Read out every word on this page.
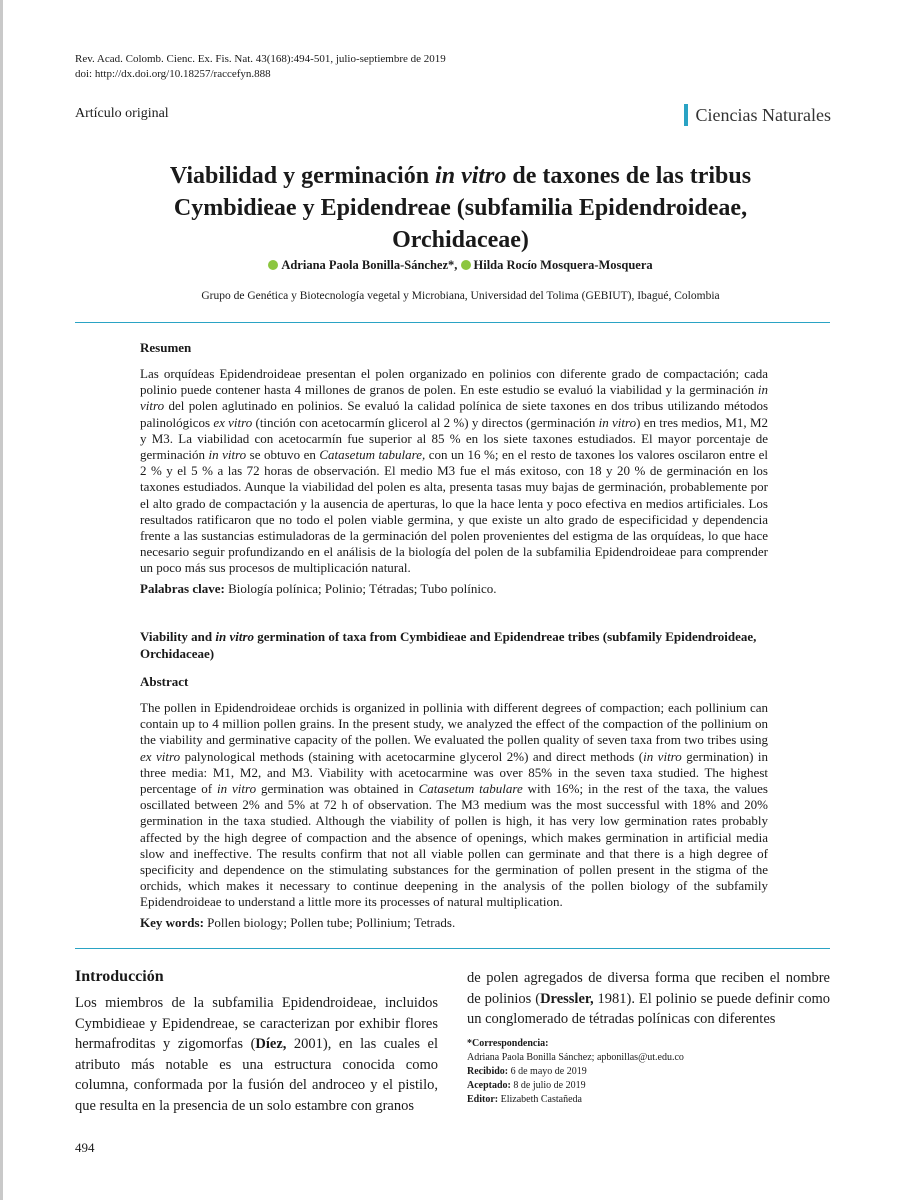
Rev. Acad. Colomb. Cienc. Ex. Fis. Nat. 43(168):494-501, julio-septiembre de 2019
doi: http://dx.doi.org/10.18257/raccefyn.888
Artículo original	Ciencias Naturales
Viabilidad y germinación in vitro de taxones de las tribus Cymbidieae y Epidendreae (subfamilia Epidendroideae, Orchidaceae)
Adriana Paola Bonilla-Sánchez*, Hilda Rocío Mosquera-Mosquera
Grupo de Genética y Biotecnología vegetal y Microbiana, Universidad del Tolima (GEBIUT), Ibagué, Colombia
Resumen
Las orquídeas Epidendroideae presentan el polen organizado en polinios con diferente grado de compactación; cada polinio puede contener hasta 4 millones de granos de polen. En este estudio se evaluó la viabilidad y la germinación in vitro del polen aglutinado en polinios. Se evaluó la calidad polínica de siete taxones en dos tribus utilizando métodos palinológicos ex vitro (tinción con acetocarmín glicerol al 2 %) y directos (germinación in vitro) en tres medios, M1, M2 y M3. La viabilidad con acetocarmín fue superior al 85 % en los siete taxones estudiados. El mayor porcentaje de germinación in vitro se obtuvo en Catasetum tabulare, con un 16 %; en el resto de taxones los valores oscilaron entre el 2 % y el 5 % a las 72 horas de observación. El medio M3 fue el más exitoso, con 18 y 20 % de germinación en los taxones estudiados. Aunque la viabilidad del polen es alta, presenta tasas muy bajas de germinación, probablemente por el alto grado de compactación y la ausencia de aperturas, lo que la hace lenta y poco efectiva en medios artificiales. Los resultados ratificaron que no todo el polen viable germina, y que existe un alto grado de especificidad y dependencia frente a las sustancias estimuladoras de la germinación del polen provenientes del estigma de las orquídeas, lo que hace necesario seguir profundizando en el análisis de la biología del polen de la subfamilia Epidendroideae para comprender un poco más sus procesos de multiplicación natural.
Palabras clave: Biología polínica; Polinio; Tétradas; Tubo polínico.
Viability and in vitro germination of taxa from Cymbidieae and Epidendreae tribes (subfamily Epidendroideae, Orchidaceae)
Abstract
The pollen in Epidendroideae orchids is organized in pollinia with different degrees of compaction; each pollinium can contain up to 4 million pollen grains. In the present study, we analyzed the effect of the compaction of the pollinium on the viability and germinative capacity of the pollen. We evaluated the pollen quality of seven taxa from two tribes using ex vitro palynological methods (staining with acetocarmine glycerol 2%) and direct methods (in vitro germination) in three media: M1, M2, and M3. Viability with acetocarmine was over 85% in the seven taxa studied. The highest percentage of in vitro germination was obtained in Catasetum tabulare with 16%; in the rest of the taxa, the values oscillated between 2% and 5% at 72 h of observation. The M3 medium was the most successful with 18% and 20% germination in the taxa studied. Although the viability of pollen is high, it has very low germination rates probably affected by the high degree of compaction and the absence of openings, which makes germination in artificial media slow and ineffective. The results confirm that not all viable pollen can germinate and that there is a high degree of specificity and dependence on the stimulating substances for the germination of pollen present in the stigma of the orchids, which makes it necessary to continue deepening in the analysis of the pollen biology of the subfamily Epidendroideae to understand a little more its processes of natural multiplication.
Key words: Pollen biology; Pollen tube; Pollinium; Tetrads.
Introducción
Los miembros de la subfamilia Epidendroideae, incluidos Cymbidieae y Epidendreae, se caracterizan por exhibir flores hermafroditas y zigomorfas (Díez, 2001), en las cuales el atributo más notable es una estructura conocida como columna, conformada por la fusión del androceo y el pistilo, que resulta en la presencia de un solo estambre con granos
de polen agregados de diversa forma que reciben el nombre de polinios (Dressler, 1981). El polinio se puede definir como un conglomerado de tétradas polínicas con diferentes
*Correspondencia:
Adriana Paola Bonilla Sánchez; apbonillas@ut.edu.co
Recibido: 6 de mayo de 2019
Aceptado: 8 de julio de 2019
Editor: Elizabeth Castañeda
494
